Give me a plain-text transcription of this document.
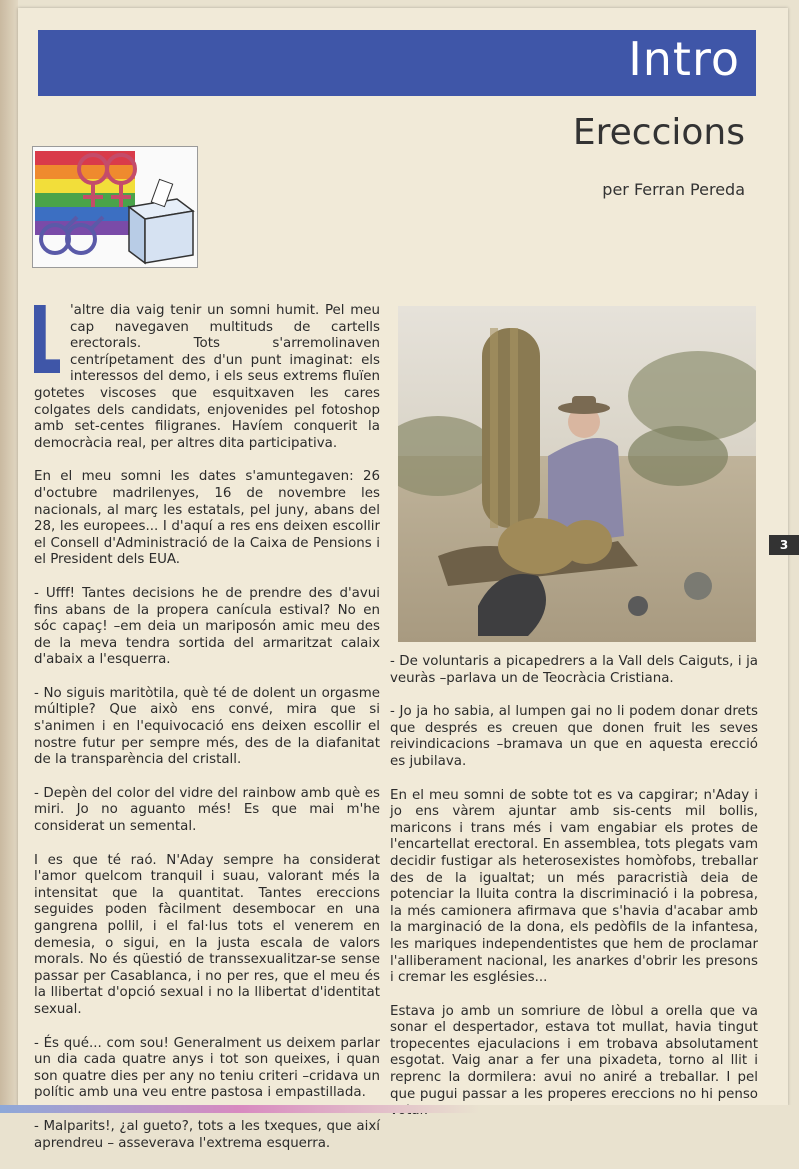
Intro
Ereccions
per Ferran Pereda
3

'altre dia vaig tenir un somni humit. Pel meu cap navegaven multituds de cartells erectorals. Tots s'arremolinaven centrípetament des d'un punt imaginat: els interessos del demo, i els seus extrems fluïen gotetes viscoses que esquitxaven les cares colgates dels candidats, enjovenides pel fotoshop amb set-centes filigranes. Havíem conquerit la democràcia real, per altres dita participativa.

En el meu somni les dates s'amuntegaven: 26 d'octubre madrilenyes, 16 de novembre les nacionals, al març les estatals, pel juny, abans del 28, les europees... I d'aquí a res ens deixen escollir el Consell d'Administració de la Caixa de Pensions i el President dels EUA.

- Ufff! Tantes decisions he de prendre des d'avui fins abans de la propera canícula estival? No en sóc capaç! –em deia un mariposón amic meu des de la meva tendra sortida del armaritzat calaix d'abaix a l'esquerra.

- No siguis maritòtila, què té de dolent un orgasme múltiple? Que això ens convé, mira que si s'animen i en l'equivocació ens deixen escollir el nostre futur per sempre més, des de la diafanitat de la transparència del cristall.

- Depèn del color del vidre del rainbow amb què es miri. Jo no aguanto més! Es que mai m'he considerat un semental.

I es que té raó. N'Aday sempre ha considerat l'amor quelcom tranquil i suau, valorant més la intensitat que la quantitat. Tantes ereccions seguides poden fàcilment desembocar en una gangrena pollil, i el fal·lus tots el venerem en demesia, o sigui, en la justa escala de valors morals. No és qüestió de transsexualitzar-se sense passar per Casablanca, i no per res, que el meu és la llibertat d'opció sexual i no la llibertat d'identitat sexual.

- És qué... com sou! Generalment us deixem parlar un dia cada quatre anys i tot son queixes, i quan son quatre dies per any no teniu criteri –cridava un polític amb una veu entre pastosa i empastillada.

- Malparits!, ¿al gueto?, tots a les txeques, que així aprendreu – asseverava l'extrema esquerra.

- De voluntaris a picapedrers a la Vall dels Caiguts, i ja veuràs –parlava un de Teocràcia Cristiana.

- Jo ja ho sabia, al lumpen gai no li podem donar drets que després es creuen que donen fruit les seves reivindicacions –bramava un que en aquesta erecció es jubilava.

En el meu somni de sobte tot es va capgirar; n'Aday i jo ens vàrem ajuntar amb sis-cents mil bollis, maricons i trans més i vam engabiar els protes de l'encartellat erectoral. En assemblea, tots plegats vam decidir fustigar als heterosexistes homòfobs, treballar des de la igualtat; un més paracristià deia de potenciar la lluita contra la discriminació i la pobresa, la més camionera afirmava que s'havia d'acabar amb la marginació de la dona, els pedòfils de la infantesa, les mariques independentistes que hem de proclamar l'alliberament nacional, les anarkes d'obrir les presons i cremar les esglésies...

Estava jo amb un somriure de lòbul a orella que va sonar el despertador, estava tot mullat, havia tingut tropecentes ejaculacions i em trobava absolutament esgotat. Vaig anar a fer una pixadeta, torno al llit i reprenc la dormilera: avui no aniré a treballar. I pel que pugui passar a les properes ereccions no hi penso
